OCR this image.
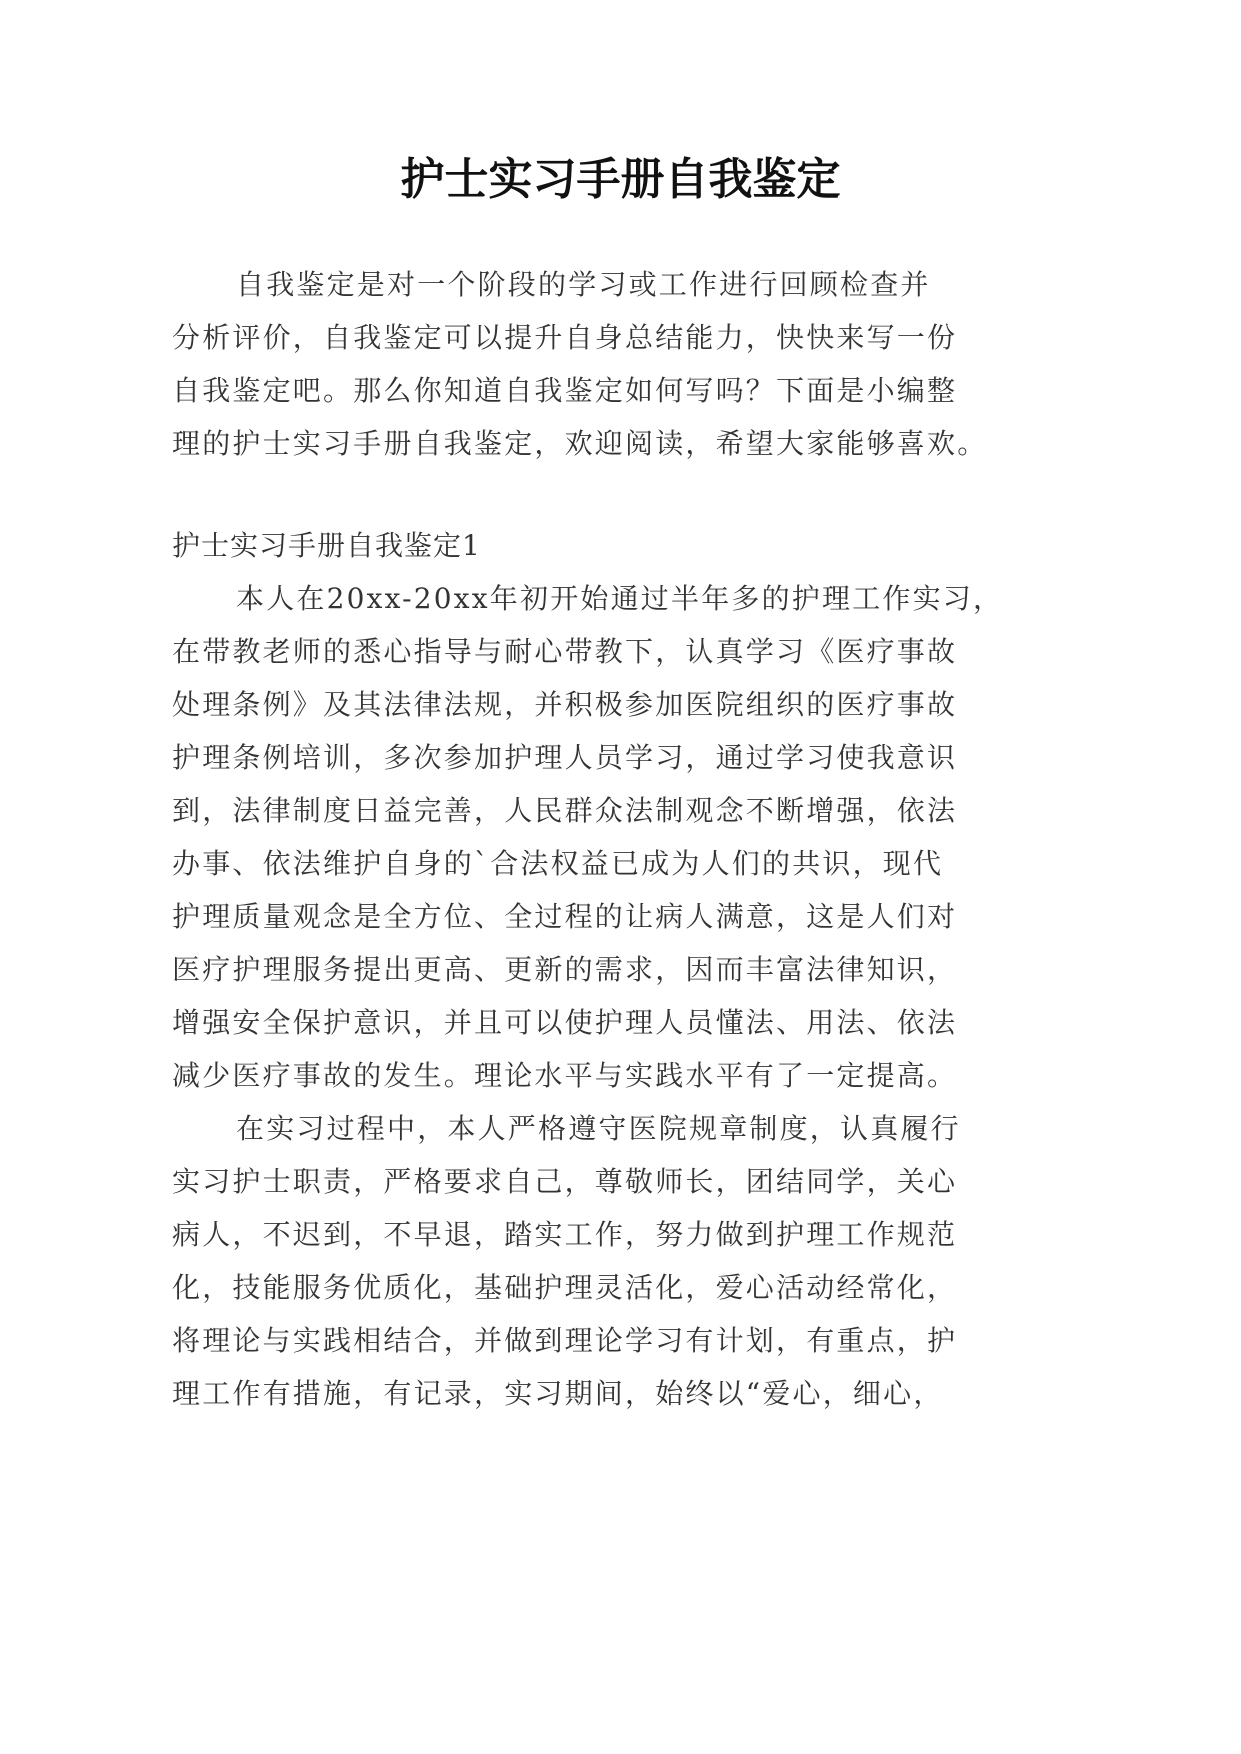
护士实习手册自我鉴定
自我鉴定是对一个阶段的学习或工作进行回顾检查并
分析评价，自我鉴定可以提升自身总结能力，快快来写一份
自我鉴定吧。那么你知道自我鉴定如何写吗？下面是小编整
理的护士实习手册自我鉴定，欢迎阅读，希望大家能够喜欢。
护士实习手册自我鉴定1
本人在20xx-20xx年初开始通过半年多的护理工作实习，
在带教老师的悉心指导与耐心带教下，认真学习《医疗事故
处理条例》及其法律法规，并积极参加医院组织的医疗事故
护理条例培训，多次参加护理人员学习，通过学习使我意识
到，法律制度日益完善，人民群众法制观念不断增强，依法
办事、依法维护自身的`合法权益已成为人们的共识，现代
护理质量观念是全方位、全过程的让病人满意，这是人们对
医疗护理服务提出更高、更新的需求，因而丰富法律知识，
增强安全保护意识，并且可以使护理人员懂法、用法、依法
减少医疗事故的发生。理论水平与实践水平有了一定提高。
在实习过程中，本人严格遵守医院规章制度，认真履行
实习护士职责，严格要求自己，尊敬师长，团结同学，关心
病人，不迟到，不早退，踏实工作，努力做到护理工作规范
化，技能服务优质化，基础护理灵活化，爱心活动经常化，
将理论与实践相结合，并做到理论学习有计划，有重点，护
理工作有措施，有记录，实习期间，始终以“爱心，细心，
